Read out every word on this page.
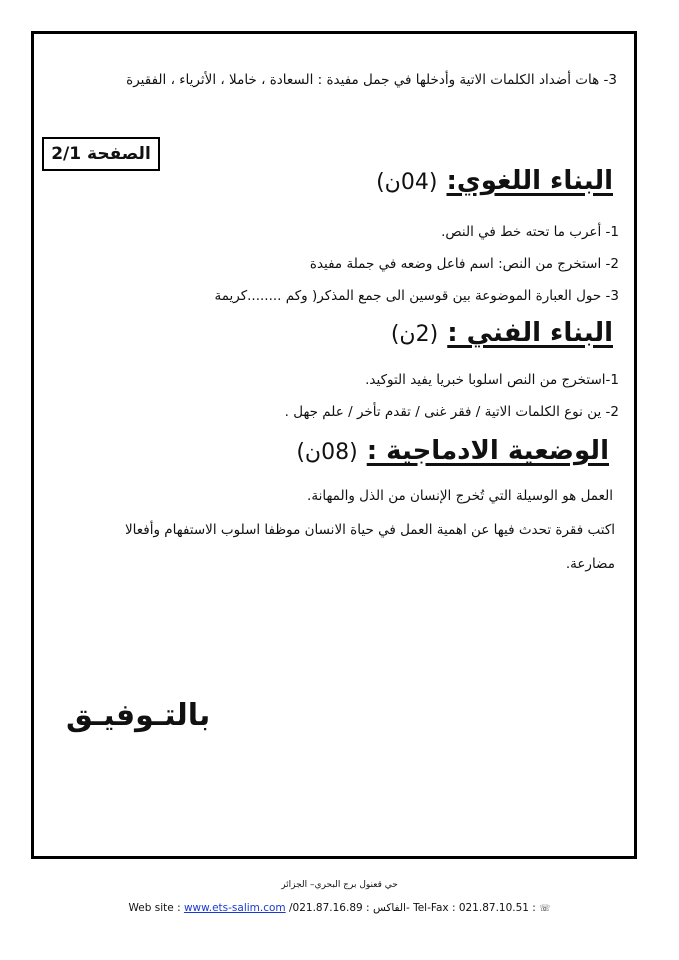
3- هات أضداد الكلمات الاتية وأدخلها في جمل مفيدة : السعادة ، خاملا ، الأثرياء ، الفقيرة
الصفحة 2/1
البناء اللغوي: (04ن)
1- أعرب ما تحته خط في النص.
2- استخرج من النص: اسم فاعل وضعه في جملة مفيدة
3- حول العبارة الموضوعة بين قوسين الى جمع المذكر( وكم ........كريمة
البناء الفني : (2ن)
1-استخرج من النص اسلوبا خبريا يفيد التوكيد.
2- ين نوع الكلمات الاتية / فقر غنى / تقدم تأخر / علم جهل .
الوضعية الادماجية : (08ن)
العمل هو الوسيلة التي تُخرج الإنسان من الذل والمهانة.
اكتب فقرة تحدث فيها عن اهمية العمل في حياة الانسان موظفا اسلوب الاستفهام وأفعالا
مضارعة.
بالتـوفيـق
حي قعنول برج البحري– الجزائر
Web site : www.ets-salim.com /021.87.16.89 : الفاكس- Tel-Fax : 021.87.10.51 : ☏
